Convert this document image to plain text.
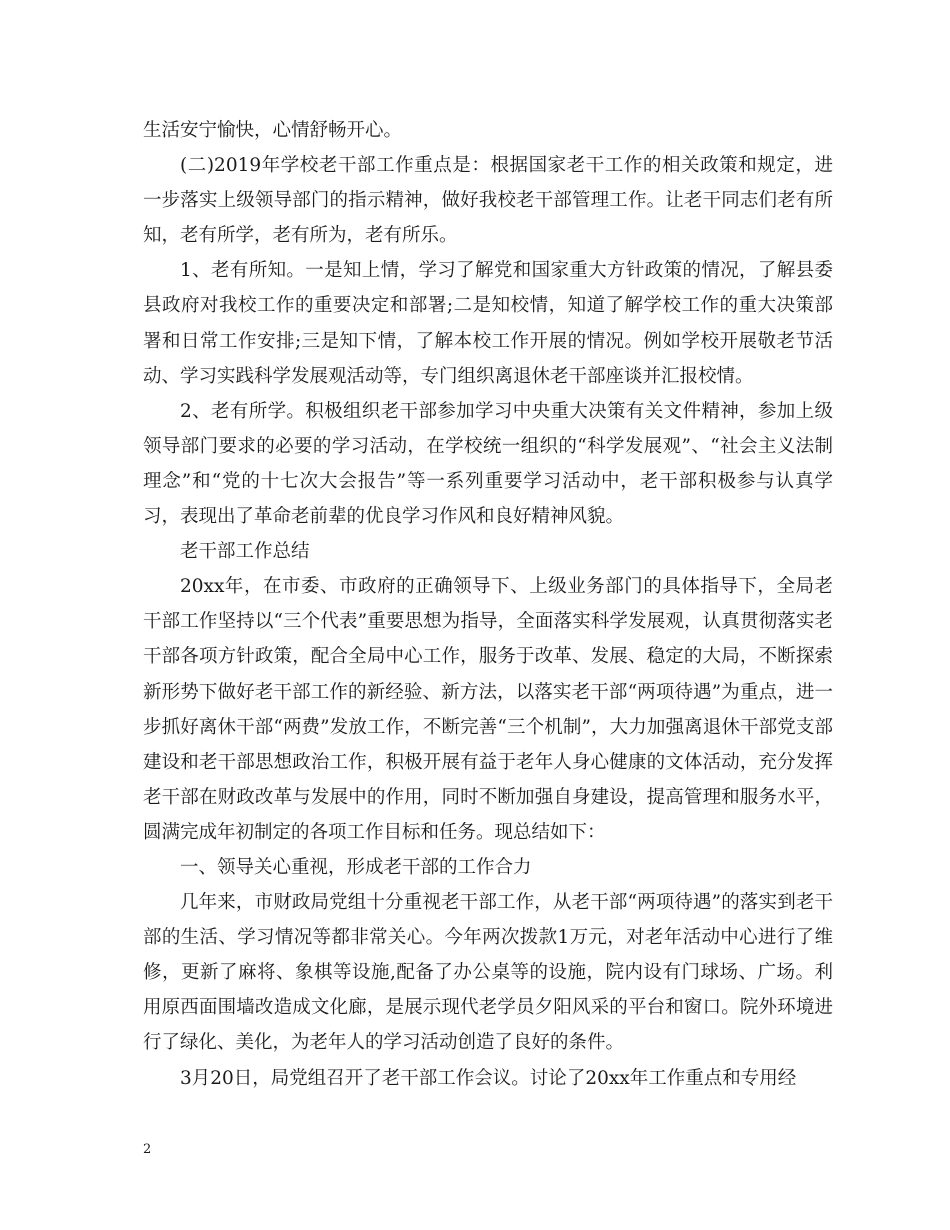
生活安宁愉快，心情舒畅开心。

(二)2019年学校老干部工作重点是：根据国家老干工作的相关政策和规定，进一步落实上级领导部门的指示精神，做好我校老干部管理工作。让老干同志们老有所知，老有所学，老有所为，老有所乐。

1、老有所知。一是知上情，学习了解党和国家重大方针政策的情况，了解县委县政府对我校工作的重要决定和部署;二是知校情，知道了解学校工作的重大决策部署和日常工作安排;三是知下情，了解本校工作开展的情况。例如学校开展敬老节活动、学习实践科学发展观活动等，专门组织离退休老干部座谈并汇报校情。

2、老有所学。积极组织老干部参加学习中央重大决策有关文件精神，参加上级领导部门要求的必要的学习活动，在学校统一组织的“科学发展观”、“社会主义法制理念”和“党的十七次大会报告”等一系列重要学习活动中，老干部积极参与认真学习，表现出了革命老前辈的优良学习作风和良好精神风貌。

老干部工作总结

20xx年，在市委、市政府的正确领导下、上级业务部门的具体指导下，全局老干部工作坚持以“三个代表”重要思想为指导，全面落实科学发展观，认真贯彻落实老干部各项方针政策，配合全局中心工作，服务于改革、发展、稳定的大局，不断探索新形势下做好老干部工作的新经验、新方法，以落实老干部“两项待遇”为重点，进一步抓好离休干部“两费”发放工作，不断完善“三个机制”，大力加强离退休干部党支部建设和老干部思想政治工作，积极开展有益于老年人身心健康的文体活动，充分发挥老干部在财政改革与发展中的作用，同时不断加强自身建设，提高管理和服务水平，圆满完成年初制定的各项工作目标和任务。现总结如下：

一、领导关心重视，形成老干部的工作合力

几年来，市财政局党组十分重视老干部工作，从老干部“两项待遇”的落实到老干部的生活、学习情况等都非常关心。今年两次拨款1万元，对老年活动中心进行了维修，更新了麻将、象棋等设施,配备了办公桌等的设施，院内设有门球场、广场。利用原西面围墙改造成文化廊，是展示现代老学员夕阳风采的平台和窗口。院外环境进行了绿化、美化，为老年人的学习活动创造了良好的条件。

3月20日，局党组召开了老干部工作会议。讨论了20xx年工作重点和专用经

2
